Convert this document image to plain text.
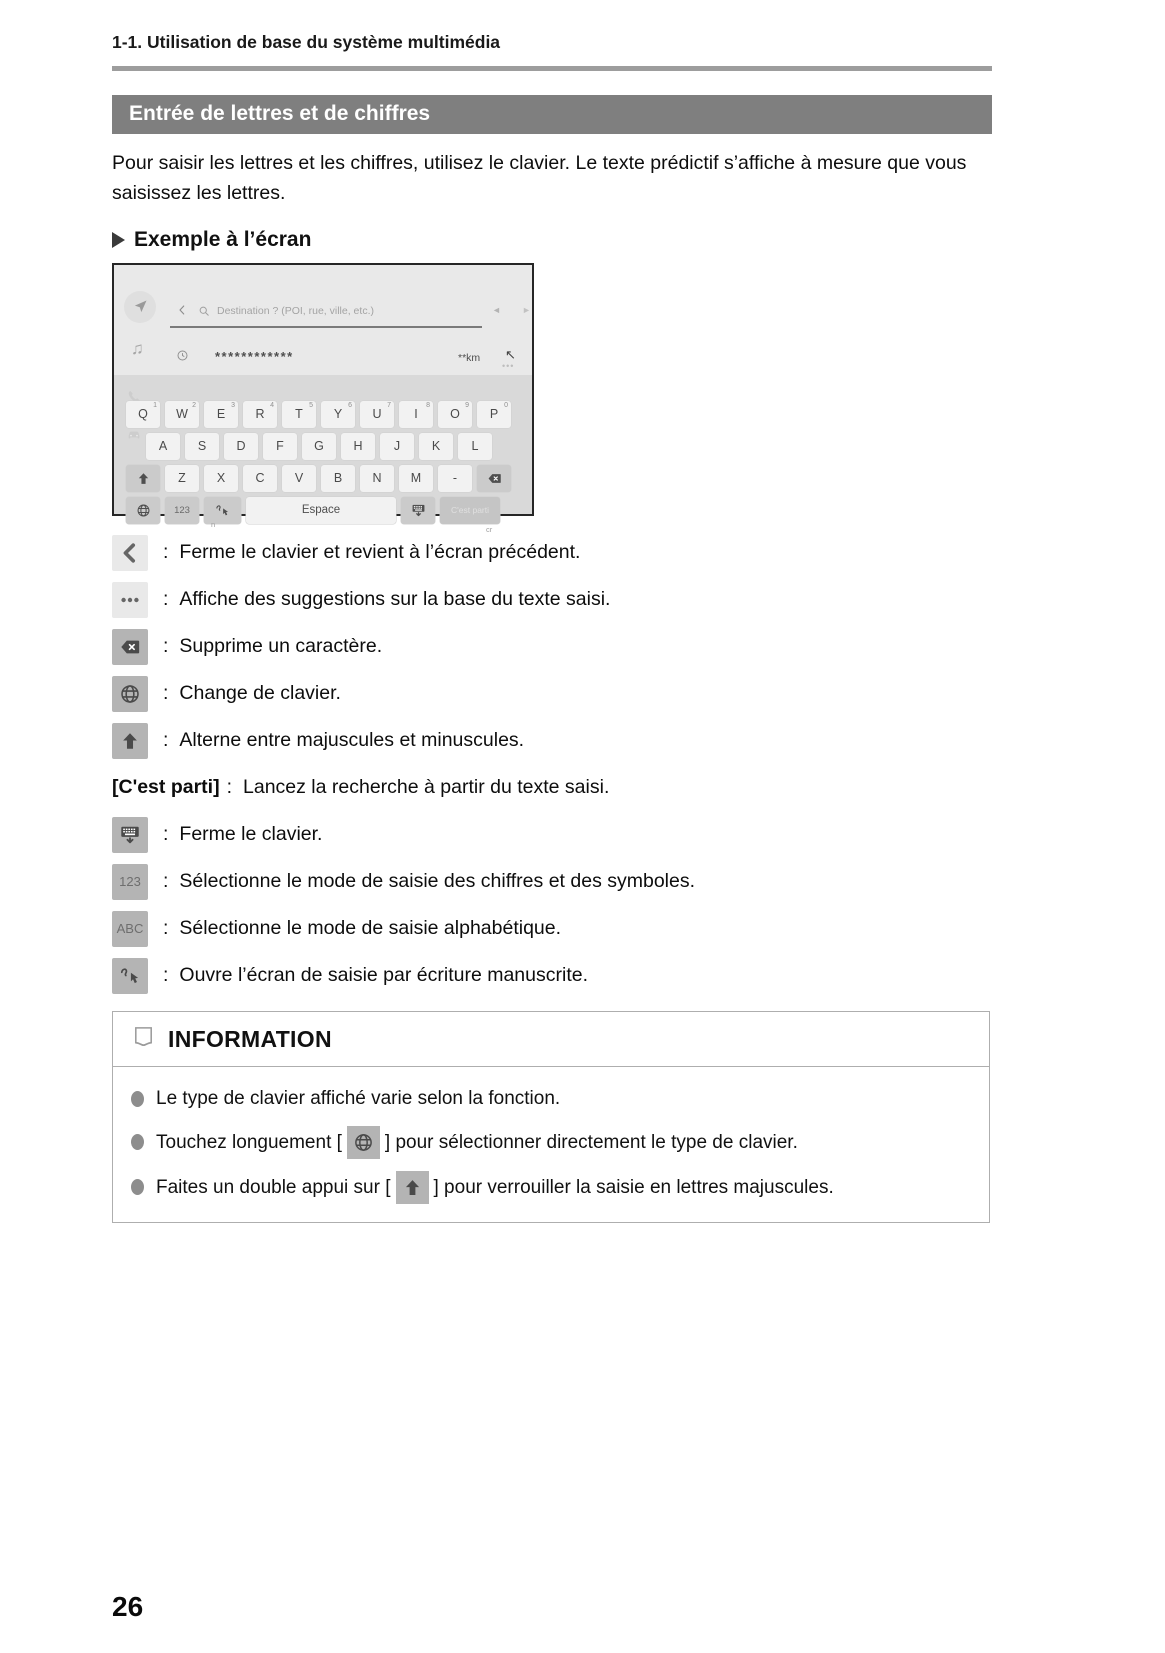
1-1. Utilisation de base du système multimédia
Entrée de lettres et de chiffres

Pour saisir les lettres et les chiffres, utilisez le clavier. Le texte prédictif s’affiche à mesure que vous saisissez les lettres.

Exemple à l’écran
♫
Destination ? (POI, rue, ville, etc.)	◄ ►
************	**km ↖
•••
Q
1
W
2
E
3
R
4
T
5
Y
6
U
7
I
8
O
9
P
0
A S D F G H	J	K	L
Z X C V B N M	-
123	Espace	C'est parti
n
cr
: Ferme le clavier et revient à l’écran précédent.
: Affiche des suggestions sur la base du texte saisi.
: Supprime un caractère.
: Change de clavier.
: Alterne entre majuscules et minuscules.
[C'est parti] : Lancez la recherche à partir du texte saisi.
: Ferme le clavier.
123 : Sélectionne le mode de saisie des chiffres et des symboles.
ABC : Sélectionne le mode de saisie alphabétique.
: Ouvre l’écran de saisie par écriture manuscrite.
INFORMATION
Le type de clavier affiché varie selon la fonction.
Touchez longuement [ ] pour sélectionner directement le type de clavier.
Faites un double appui sur [ ] pour verrouiller la saisie en lettres majuscules.
26
